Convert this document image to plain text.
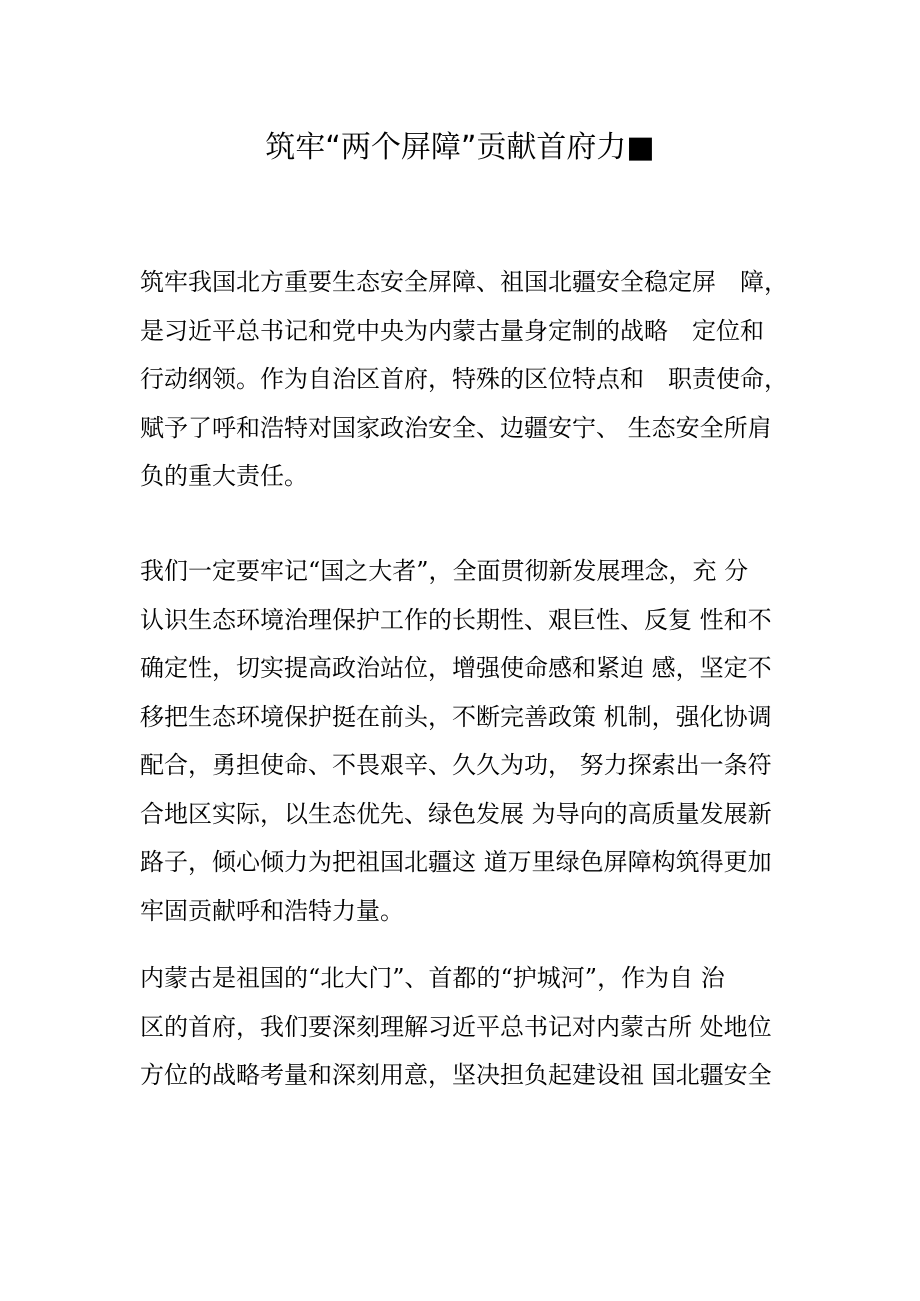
筑牢“两个屏障”贡献首府力■
筑牢我国北方重要生态安全屏障、祖国北疆安全稳定屏　障，
是习近平总书记和党中央为内蒙古量身定制的战略　定位和
行动纲领。作为自治区首府，特殊的区位特点和　职责使命，
赋予了呼和浩特对国家政治安全、边疆安宁、 生态安全所肩
负的重大责任。
我们一定要牢记“国之大者”，全面贯彻新发展理念，充 分
认识生态环境治理保护工作的长期性、艰巨性、反复 性和不
确定性，切实提高政治站位，增强使命感和紧迫 感，坚定不
移把生态环境保护挺在前头，不断完善政策 机制，强化协调
配合，勇担使命、不畏艰辛、久久为功， 努力探索出一条符
合地区实际，以生态优先、绿色发展 为导向的高质量发展新
路子，倾心倾力为把祖国北疆这 道万里绿色屏障构筑得更加
牢固贡献呼和浩特力量。
内蒙古是祖国的“北大门”、首都的“护城河”，作为自 治
区的首府，我们要深刻理解习近平总书记对内蒙古所 处地位
方位的战略考量和深刻用意，坚决担负起建设祖 国北疆安全
